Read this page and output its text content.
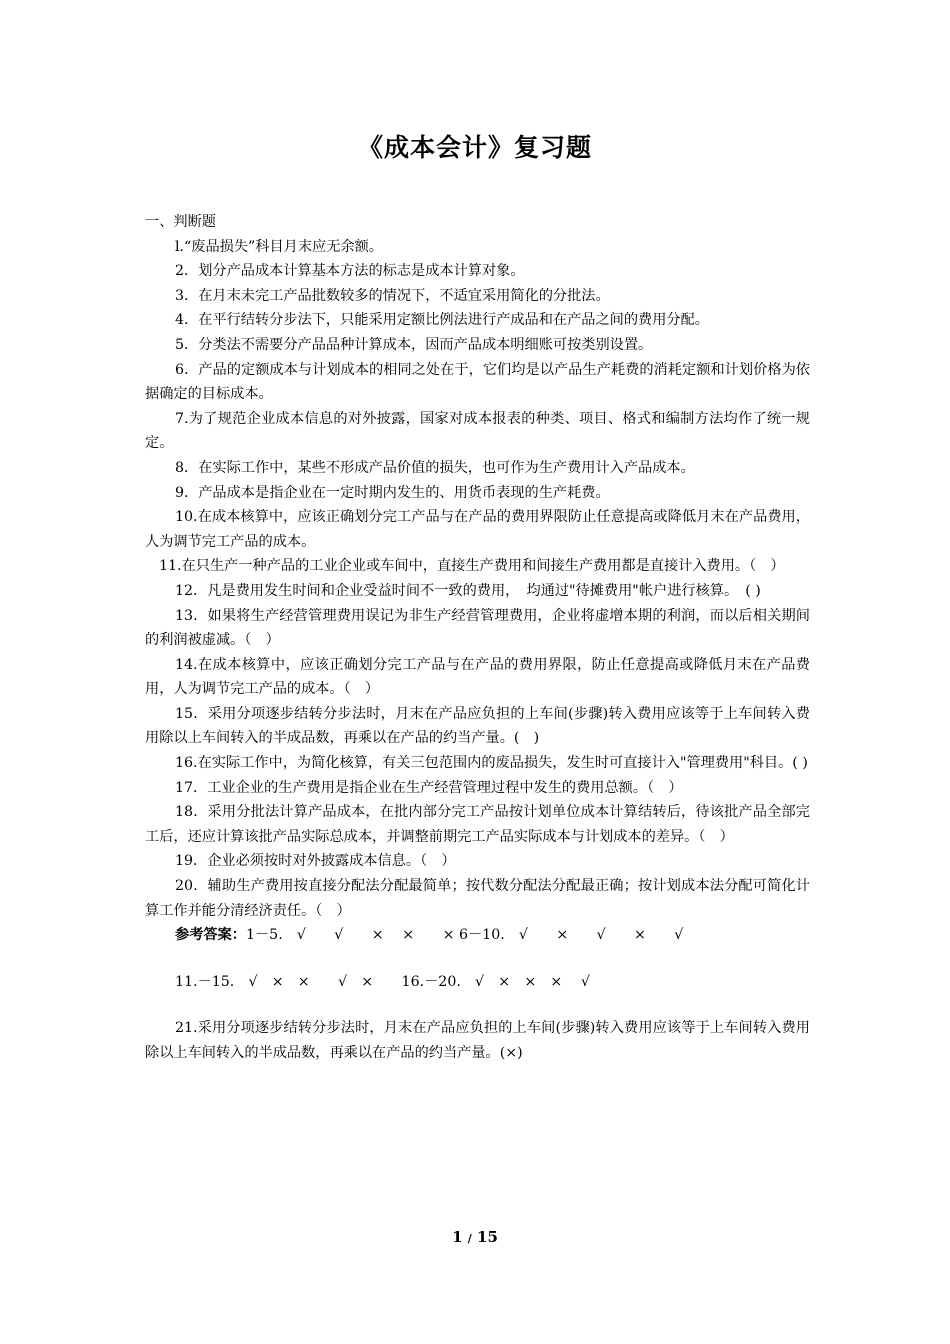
《成本会计》复习题

一、判断题

l.“废品损失”科目月末应无余额。

2．划分产品成本计算基本方法的标志是成本计算对象。

3．在月末未完工产品批数较多的情况下，不适宜采用简化的分批法。

4．在平行结转分步法下，只能采用定额比例法进行产成品和在产品之间的费用分配。

5．分类法不需要分产品品种计算成本，因而产品成本明细账可按类别设置。

6．产品的定额成本与计划成本的相同之处在于，它们均是以产品生产耗费的消耗定额和计划价格为依据确定的目标成本。

7.为了规范企业成本信息的对外披露，国家对成本报表的种类、项目、格式和编制方法均作了统一规定。

8．在实际工作中，某些不形成产品价值的损失，也可作为生产费用计入产品成本。

9．产品成本是指企业在一定时期内发生的、用货币表现的生产耗费。

10.在成本核算中，应该正确划分完工产品与在产品的费用界限防止任意提高或降低月末在产品费用，人为调节完工产品的成本。

11.在只生产一种产品的工业企业或车间中，直接生产费用和间接生产费用都是直接计入费用。（　）

12．凡是费用发生时间和企业受益时间不一致的费用，　均通过"待摊费用"帐户进行核算。　( )

13．如果将生产经营管理费用误记为非生产经营管理费用，企业将虚增本期的利润，而以后相关期间的利润被虚减。（　）

14.在成本核算中，应该正确划分完工产品与在产品的费用界限，防止任意提高或降低月末在产品费用，人为调节完工产品的成本。（　）

15．采用分项逐步结转分步法时，月末在产品应负担的上车间(步骤)转入费用应该等于上车间转入费用除以上车间转入的半成品数，再乘以在产品的约当产量。(　)

16.在实际工作中，为简化核算，有关三包范围内的废品损失，发生时可直接计入"管理费用"科目。( )

17．工业企业的生产费用是指企业在生产经营管理过程中发生的费用总额。（　）

18．采用分批法计算产品成本，在批内部分完工产品按计划单位成本计算结转后，待该批产品全部完工后，还应计算该批产品实际总成本，并调整前期完工产品实际成本与计划成本的差异。（　）

19．企业必须按时对外披露成本信息。（　）

20．辅助生产费用按直接分配法分配最简单；按代数分配法分配最正确；按计划成本法分配可简化计算工作并能分清经济责任。（　）

参考答案：1－5.　√　　√　　×　 ×　　× 6－10.　√　　×　　√　　×　　√

11.－15.　√　×　×　　√　×　　16.－20.　√　×　×　×　 √

21.采用分项逐步结转分步法时，月末在产品应负担的上车间(步骤)转入费用应该等于上车间转入费用除以上车间转入的半成品数，再乘以在产品的约当产量。(×)

1 / 15
